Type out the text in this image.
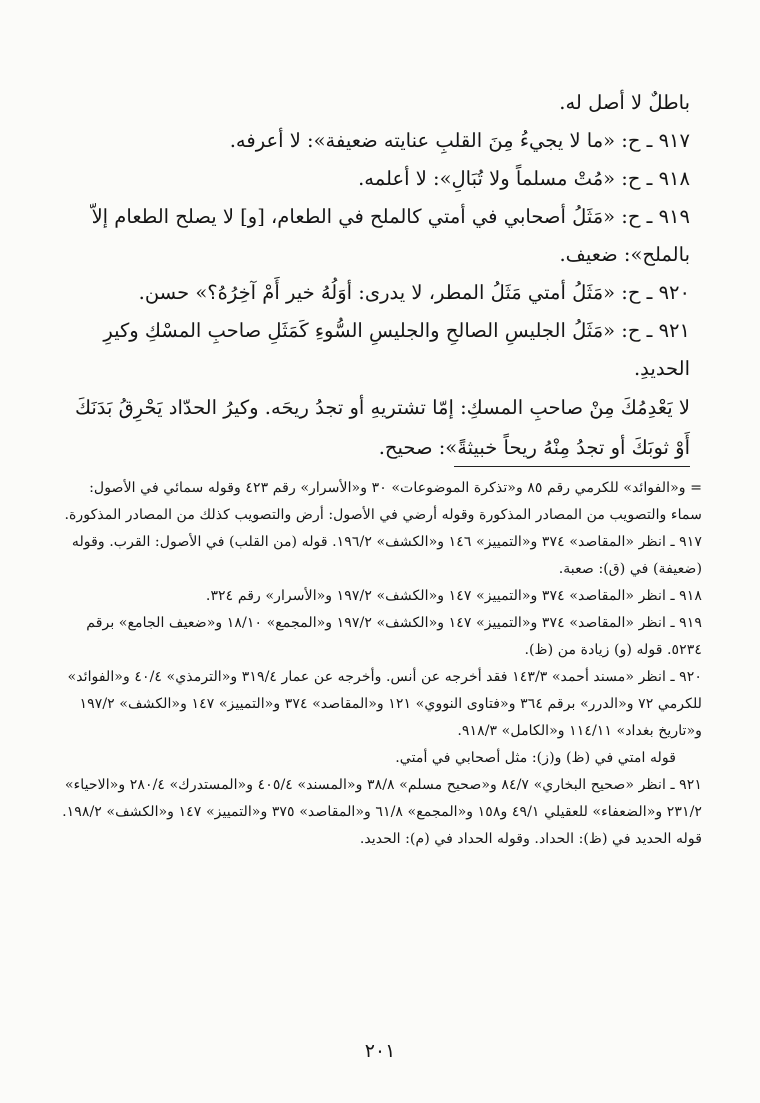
باطلٌ لا أصل له.

٩١٧ ـ ح: «ما لا يجيءُ مِنَ القلبِ عنايته ضعيفة»: لا أعرفه.

٩١٨ ـ ح: «مُتْ مسلماً ولا تُبَالِ»: لا أعلمه.

٩١٩ ـ ح: «مَثَلُ أصحابي في أمتي كالملح في الطعام، [و] لا يصلح الطعام إلاّ بالملح»: ضعيف.

٩٢٠ ـ ح: «مَثَلُ أمتي مَثَلُ المطر، لا يدرى: أوَلُهُ خير أَمْ آخِرُهُ؟» حسن.

٩٢١ ـ ح: «مَثَلُ الجليسِ الصالحِ والجليسِ السُّوءِ كَمَثَلِ صاحبِ المسْكِ وكيرِ الحديدِ.

لا يَعْدِمُكَ مِنْ صاحبِ المسكِ: إمّا تشتريهِ أو تجدُ ريحَه. وكيرُ الحدّاد يَحْرِقُ بَدَنَكَ أَوْ ثوبَكَ أو تجدُ مِنْهُ ريحاً خبيثةً»: صحيح.

= و«الفوائد» للكرمي رقم ٨٥ و«تذكرة الموضوعات» ٣٠ و«الأسرار» رقم ٤٢٣ وقوله سمائي في الأصول: سماء والتصويب من المصادر المذكورة وقوله أرضي في الأصول: أرض والتصويب كذلك من المصادر المذكورة.

٩١٧ ـ انظر «المقاصد» ٣٧٤ و«التمييز» ١٤٦ و«الكشف» ١٩٦/٢. قوله (من القلب) في الأصول: القرب. وقوله (ضعيفة) في (ق): صعبة.

٩١٨ ـ انظر «المقاصد» ٣٧٤ و«التمييز» ١٤٧ و«الكشف» ١٩٧/٢ و«الأسرار» رقم ٣٢٤.

٩١٩ ـ انظر «المقاصد» ٣٧٤ و«التمييز» ١٤٧ و«الكشف» ١٩٧/٢ و«المجمع» ١٨/١٠ و«ضعيف الجامع» برقم ٥٢٣٤. قوله (و) زيادة من (ظ).

٩٢٠ ـ انظر «مسند أحمد» ١٤٣/٣ فقد أخرجه عن أنس. وأخرجه عن عمار ٣١٩/٤ و«الترمذي» ٤٠/٤ و«الفوائد» للكرمي ٧٢ و«الدرر» برقم ٣٦٤ و«فتاوى النووي» ١٢١ و«المقاصد» ٣٧٤ و«التمييز» ١٤٧ و«الكشف» ١٩٧/٢ و«تاريخ بغداد» ١١٤/١١ و«الكامل» ٩١٨/٣.

قوله امتي في (ظ) و(ز): مثل أصحابي في أمتي.

٩٢١ ـ انظر «صحيح البخاري» ٨٤/٧ و«صحيح مسلم» ٣٨/٨ و«المسند» ٤٠٥/٤ و«المستدرك» ٢٨٠/٤ و«الاحياء» ٢٣١/٢ و«الضعفاء» للعقيلي ٤٩/١ و١٥٨ و«المجمع» ٦١/٨ و«المقاصد» ٣٧٥ و«التمييز» ١٤٧ و«الكشف» ١٩٨/٢. قوله الحديد في (ظ): الحداد. وقوله الحداد في (م): الحديد.

٢٠١
